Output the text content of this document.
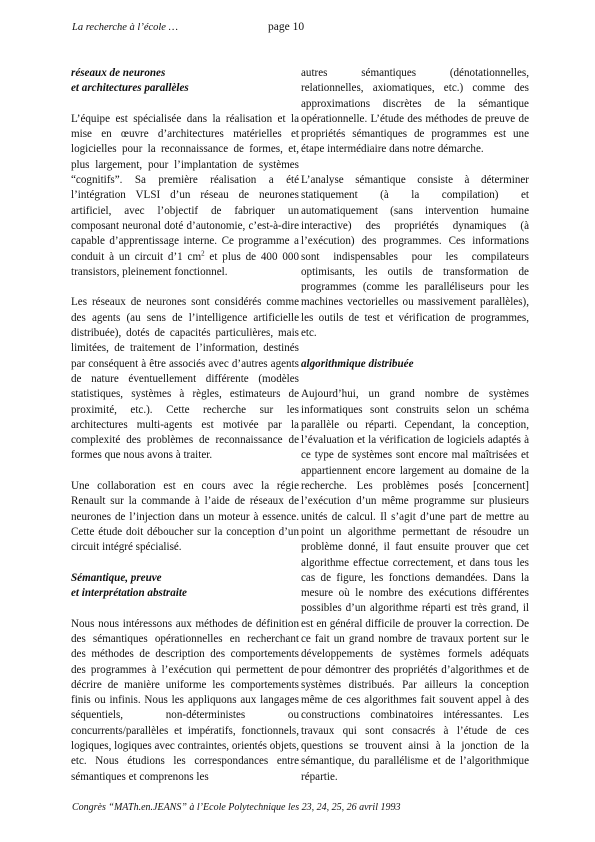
La recherche à l’école …	page 10
réseaux de neurones
et architectures parallèles

L’équipe est spécialisée dans la réalisation et la mise en œuvre d’architectures matérielles et logicielles pour la reconnaissance de formes, et, plus largement, pour l’implantation de systèmes “cognitifs”. Sa première réalisation a été l’intégration VLSI d’un réseau de neurones artificiel, avec l’objectif de fabriquer un composant neuronal doté d’autonomie, c’est-à-dire capable d’apprentissage interne. Ce programme a conduit à un circuit d’1 $cm^2$ et plus de 400 000 transistors, pleinement fonctionnel.

Les réseaux de neurones sont considérés comme des agents (au sens de l’intelligence artificielle distribuée), dotés de capacités particulières, mais limitées, de traitement de l’information, destinés par conséquent à être associés avec d’autres agents de nature éventuellement différente (modèles statistiques, systèmes à règles, estimateurs de proximité, etc.). Cette recherche sur les architectures multi-agents est motivée par la complexité des problèmes de reconnaissance de formes que nous avons à traiter.

Une collaboration est en cours avec la régie Renault sur la commande à l’aide de réseaux de neurones de l’injection dans un moteur à essence. Cette étude doit déboucher sur la conception d’un circuit intégré spécialisé.

Sémantique, preuve
et interprétation abstraite

Nous nous intéressons aux méthodes de définition des sémantiques opérationnelles en recherchant des méthodes de description des comportements des programmes à l’exécution qui permettent de décrire de manière uniforme les comportements finis ou infinis. Nous les appliquons aux langages séquentiels, non-déterministes ou concurrents/parallèles et impératifs, fonctionnels, logiques, logiques avec contraintes, orientés objets, etc. Nous étudions les correspondances entre sémantiques et comprenons les

autres sémantiques (dénotationnelles, relationnelles, axiomatiques, etc.) comme des approximations discrètes de la sémantique opérationnelle. L’étude des méthodes de preuve de propriétés sémantiques de programmes est une étape intermédiaire dans notre démarche.

L’analyse sémantique consiste à déterminer statiquement (à la compilation) et automatiquement (sans intervention humaine interactive) des propriétés dynamiques (à l’exécution) des programmes. Ces informations sont indispensables pour les compilateurs optimisants, les outils de transformation de programmes (comme les paralléliseurs pour les machines vectorielles ou massivement parallèles), les outils de test et vérification de programmes, etc.

algorithmique distribuée

Aujourd’hui, un grand nombre de systèmes informatiques sont construits selon un schéma parallèle ou réparti. Cependant, la conception, l’évaluation et la vérification de logiciels adaptés à ce type de systèmes sont encore mal maîtrisées et appartiennent encore largement au domaine de la recherche. Les problèmes posés [concernent] l’exécution d’un même programme sur plusieurs unités de calcul. Il s’agit d’une part de mettre au point un algorithme permettant de résoudre un problème donné, il faut ensuite prouver que cet algorithme effectue correctement, et dans tous les cas de figure, les fonctions demandées. Dans la mesure où le nombre des exécutions différentes possibles d’un algorithme réparti est très grand, il est en général difficile de prouver la correction. De ce fait un grand nombre de travaux portent sur le développements de systèmes formels adéquats pour démontrer des propriétés d’algorithmes et de systèmes distribués. Par ailleurs la conception même de ces algorithmes fait souvent appel à des constructions combinatoires intéressantes. Les travaux qui sont consacrés à l’étude de ces questions se trouvent ainsi à la jonction de la sémantique, du parallélisme et de l’algorithmique répartie.

Congrès “MATh.en.JEANS” à l’Ecole Polytechnique les 23, 24, 25, 26 avril 1993
